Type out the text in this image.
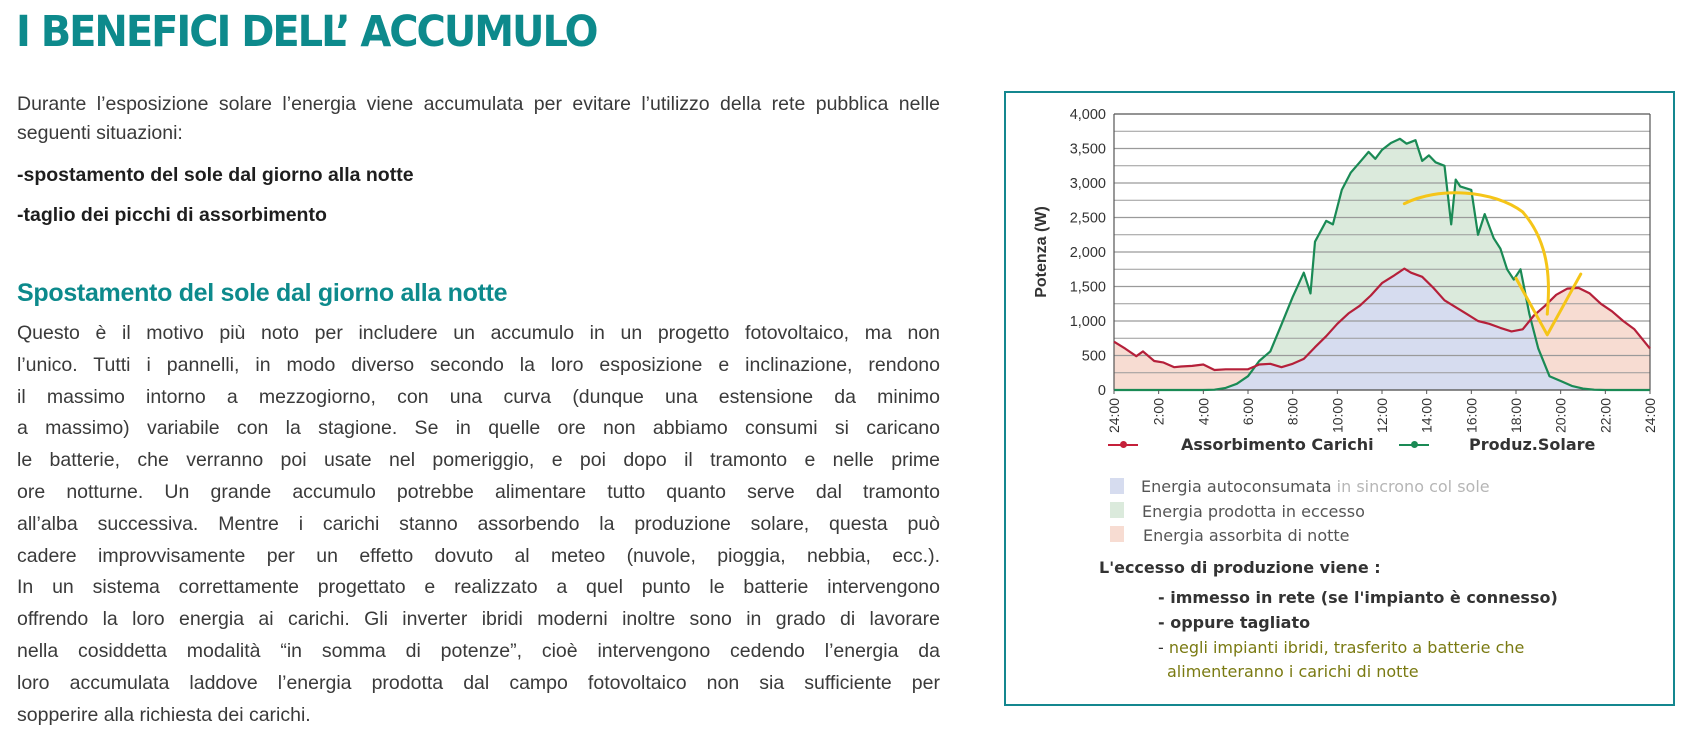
I BENEFICI DELL’ ACCUMULO

Durante l’esposizione solare l’energia viene accumulata per evitare l’utilizzo della rete pubblica nelle seguenti situazioni:

-spostamento del sole dal giorno alla notte

-taglio dei picchi di assorbimento

Spostamento del sole dal giorno alla notte
Questo è il motivo più noto per includere un accumulo in un progetto fotovoltaico, ma non
l’unico. Tutti i pannelli, in modo diverso secondo la loro esposizione e inclinazione, rendono
il massimo intorno a mezzogiorno, con una curva (dunque una estensione da minimo
a massimo) variabile con la stagione. Se in quelle ore non abbiamo consumi si caricano
le batterie, che verranno poi usate nel pomeriggio, e poi dopo il tramonto e nelle prime
ore notturne. Un grande accumulo potrebbe alimentare tutto quanto serve dal tramonto
all’alba successiva. Mentre i carichi stanno assorbendo la produzione solare, questa può
cadere improvvisamente per un effetto dovuto al meteo (nuvole, pioggia, nebbia, ecc.).
In un sistema correttamente progettato e realizzato a quel punto le batterie intervengono
offrendo la loro energia ai carichi. Gli inverter ibridi moderni inoltre sono in grado di lavorare
nella cosiddetta modalità “in somma di potenze”, cioè intervengono cedendo l’energia da
loro accumulata laddove l’energia prodotta dal campo fotovoltaico non sia sufficiente per
sopperire alla richiesta dei carichi.
0
500
1,000
1,500
2,000
2,500
3,000
3,500
4,000
24:00 2:00 4:00 6:00 8:00 10:00 12:00 14:00 16:00 18:00 20:00 22:00 24:00
Potenza (W)
Assorbimento Carichi	Produz.Solare
Energia autoconsumata in sincrono col sole
Energia prodotta in eccesso
Energia assorbita di notte
L'eccesso di produzione viene :
- immesso in rete (se l'impianto è connesso)
- oppure tagliato
- negli impianti ibridi, trasferito a batterie che
alimenteranno i carichi di notte
